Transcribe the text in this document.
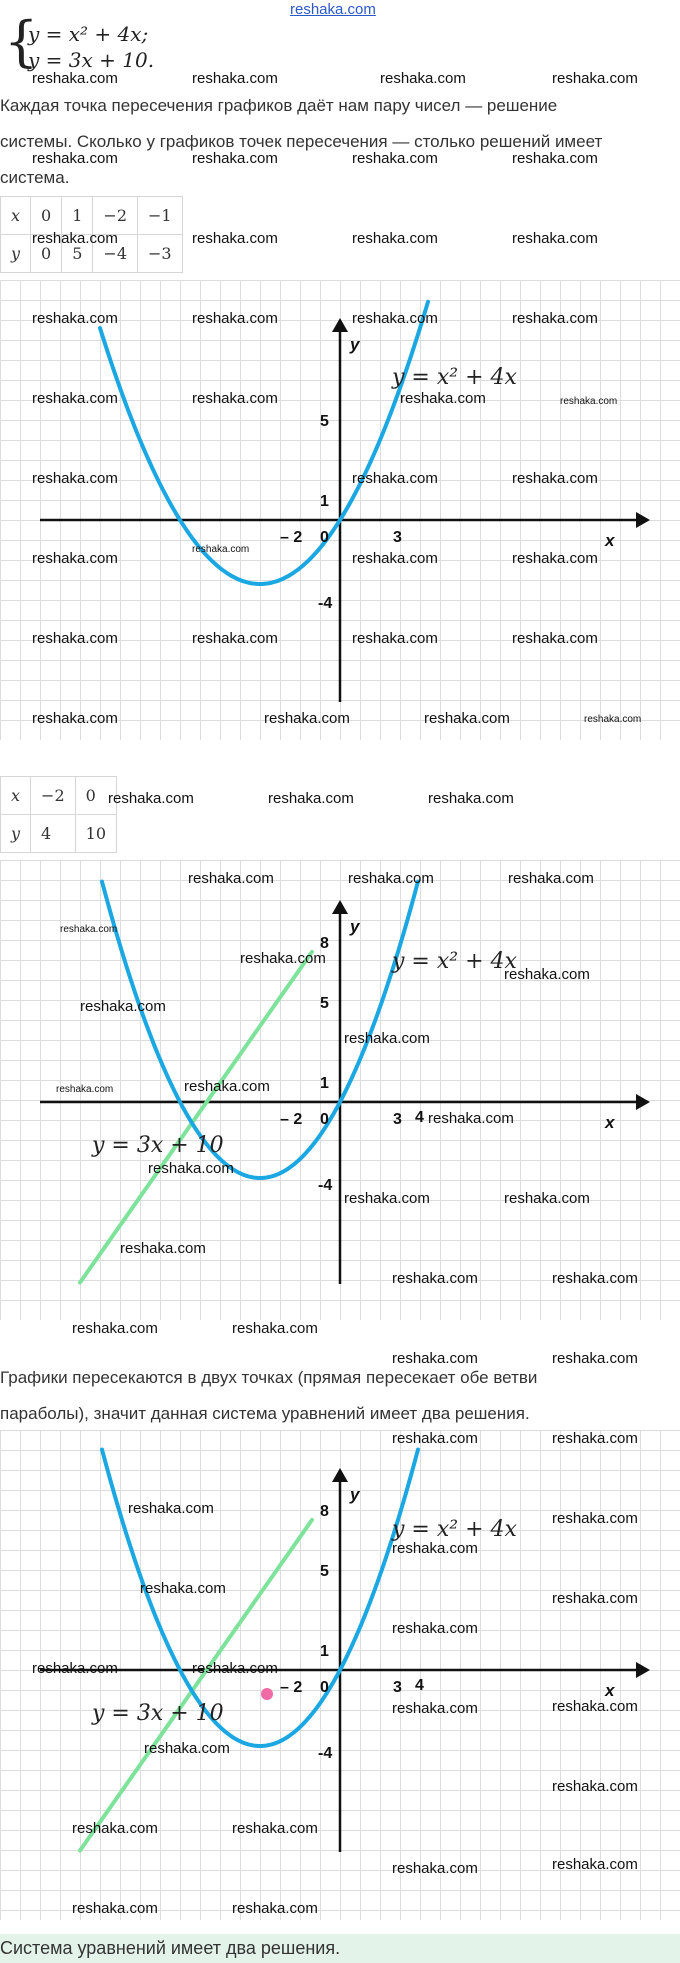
reshaka.com
{
y = x² + 4x;
y = 3x + 10.
Каждая точка пересечения графиков даёт нам пару чисел — решение
системы. Сколько у графиков точек пересечения — столько решений имеет
система.
x	0	1	−2	−1
y	0	5	−4	−3
x
y
0
– 2	3
1
5
-4
y = x² + 4x
x	−2	0
y	4	10
x
y
0
– 2	3 4
1
5
8
-4
y = x² + 4x
y = 3x + 10
Графики пересекаются в двух точках (прямая пересекает обе ветви
параболы), значит данная система уравнений имеет два решения.
x
y
0
– 2	3 4
1
5
8
-4
y = x² + 4x
y = 3x + 10
Система уравнений имеет два решения.
reshaka.com	reshaka.com	reshaka.com	reshaka.com
reshaka.com	reshaka.com	reshaka.com	reshaka.com
reshaka.com	reshaka.com	reshaka.com	reshaka.com
reshaka.com	reshaka.com	reshaka.com	reshaka.com
reshaka.com	reshaka.com	reshaka.com	reshaka.com
reshaka.com	reshaka.com	reshaka.com
reshaka.com
reshaka.com	reshaka.com	reshaka.com
reshaka.com	reshaka.com	reshaka.com	reshaka.com
reshaka.com	reshaka.com	reshaka.com	reshaka.com
reshaka.com	reshaka.com	reshaka.com
reshaka.com	reshaka.com	reshaka.com
reshaka.com
reshaka.com
reshaka.com
reshaka.com
reshaka.com
reshaka.com
reshaka.com
reshaka.com
reshaka.com
reshaka.com	reshaka.com
reshaka.com
reshaka.com	reshaka.com
reshaka.com	reshaka.com
reshaka.com	reshaka.com
reshaka.com	reshaka.com
reshaka.com
reshaka.com
reshaka.com
reshaka.com
reshaka.com
reshaka.com
reshaka.com	reshaka.com
reshaka.com
reshaka.com
reshaka.com
reshaka.com
reshaka.com	reshaka.com
reshaka.com	reshaka.com
reshaka.com	reshaka.com
